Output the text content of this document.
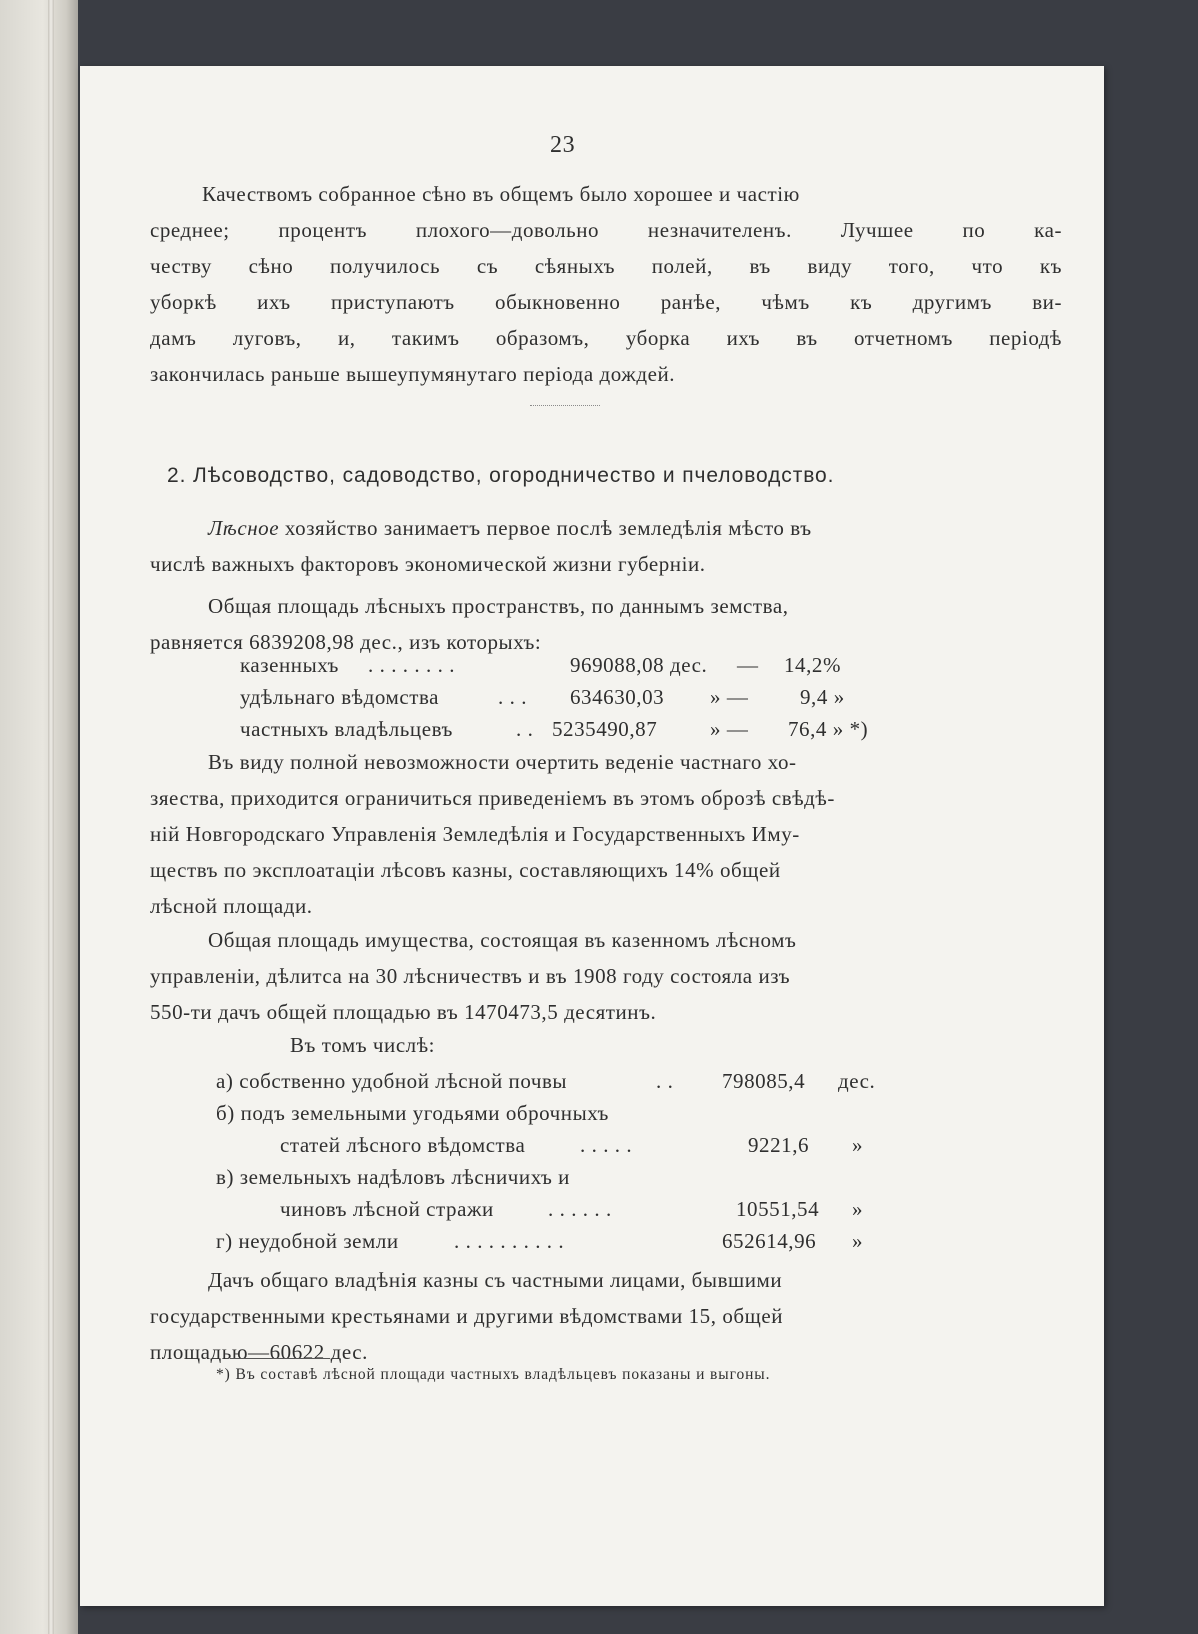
23
Качествомъ собранное сѣно въ общемъ было хорошее и частію
среднее; процентъ плохого—довольно незначителенъ. Лучшее по ка-
честву сѣно получилось съ сѣяныхъ полей, въ виду того, что къ
уборкѣ ихъ приступаютъ обыкновенно ранѣе, чѣмъ къ другимъ ви-
дамъ луговъ, и, такимъ образомъ, уборка ихъ въ отчетномъ періодѣ
закончилась раньше вышеупумянутаго періода дождей.
2. Лѣсоводство, садоводство, огородничество и пчеловодство.
Лѣсное хозяйство занимаетъ первое послѣ земледѣлія мѣсто въ
числѣ важныхъ факторовъ экономической жизни губерніи.
Общая площадь лѣсныхъ пространствъ, по даннымъ земства,
равняется 6839208,98 дес., изъ которыхъ:
казенныхъ . . . . . . . .	969088,08 дес. — 14,2%
удѣльнаго вѣдомства	. . . 634630,03 » — 9,4 »
частныхъ владѣльцевъ	. . 5235490,87	» — 76,4 » *)
Въ виду полной невозможности очертить веденіе частнаго хо-
зяества, приходится ограничиться приведеніемъ въ этомъ оброзѣ свѣдѣ-
ній Новгородскаго Управленія Земледѣлія и Государственныхъ Иму-
ществъ по эксплоатаціи лѣсовъ казны, составляющихъ 14% общей
лѣсной площади.
Общая площадь имущества, состоящая въ казенномъ лѣсномъ
управленіи, дѣлитса на 30 лѣсничествъ и въ 1908 году состояла изъ
550-ти дачъ общей площадью въ 1470473,5 десятинъ.
Въ томъ числѣ:
а) собственно удобной лѣсной почвы	. . 798085,4 дес.
б) подъ земельными угодьями оброчныхъ
статей лѣсного вѣдомства	. . . . .	9221,6 »
в) земельныхъ надѣловъ лѣсничихъ и
чиновъ лѣсной стражи	. . . . . .	10551,54 »
г) неудобной земли	. . . . . . . . . .	652614,96 »
Дачъ общаго владѣнія казны съ частными лицами, бывшими
государственными крестьянами и другими вѣдомствами 15, общей
площадью—60622 дес.
*) Въ составѣ лѣсной площади частныхъ владѣльцевъ показаны и выгоны.
